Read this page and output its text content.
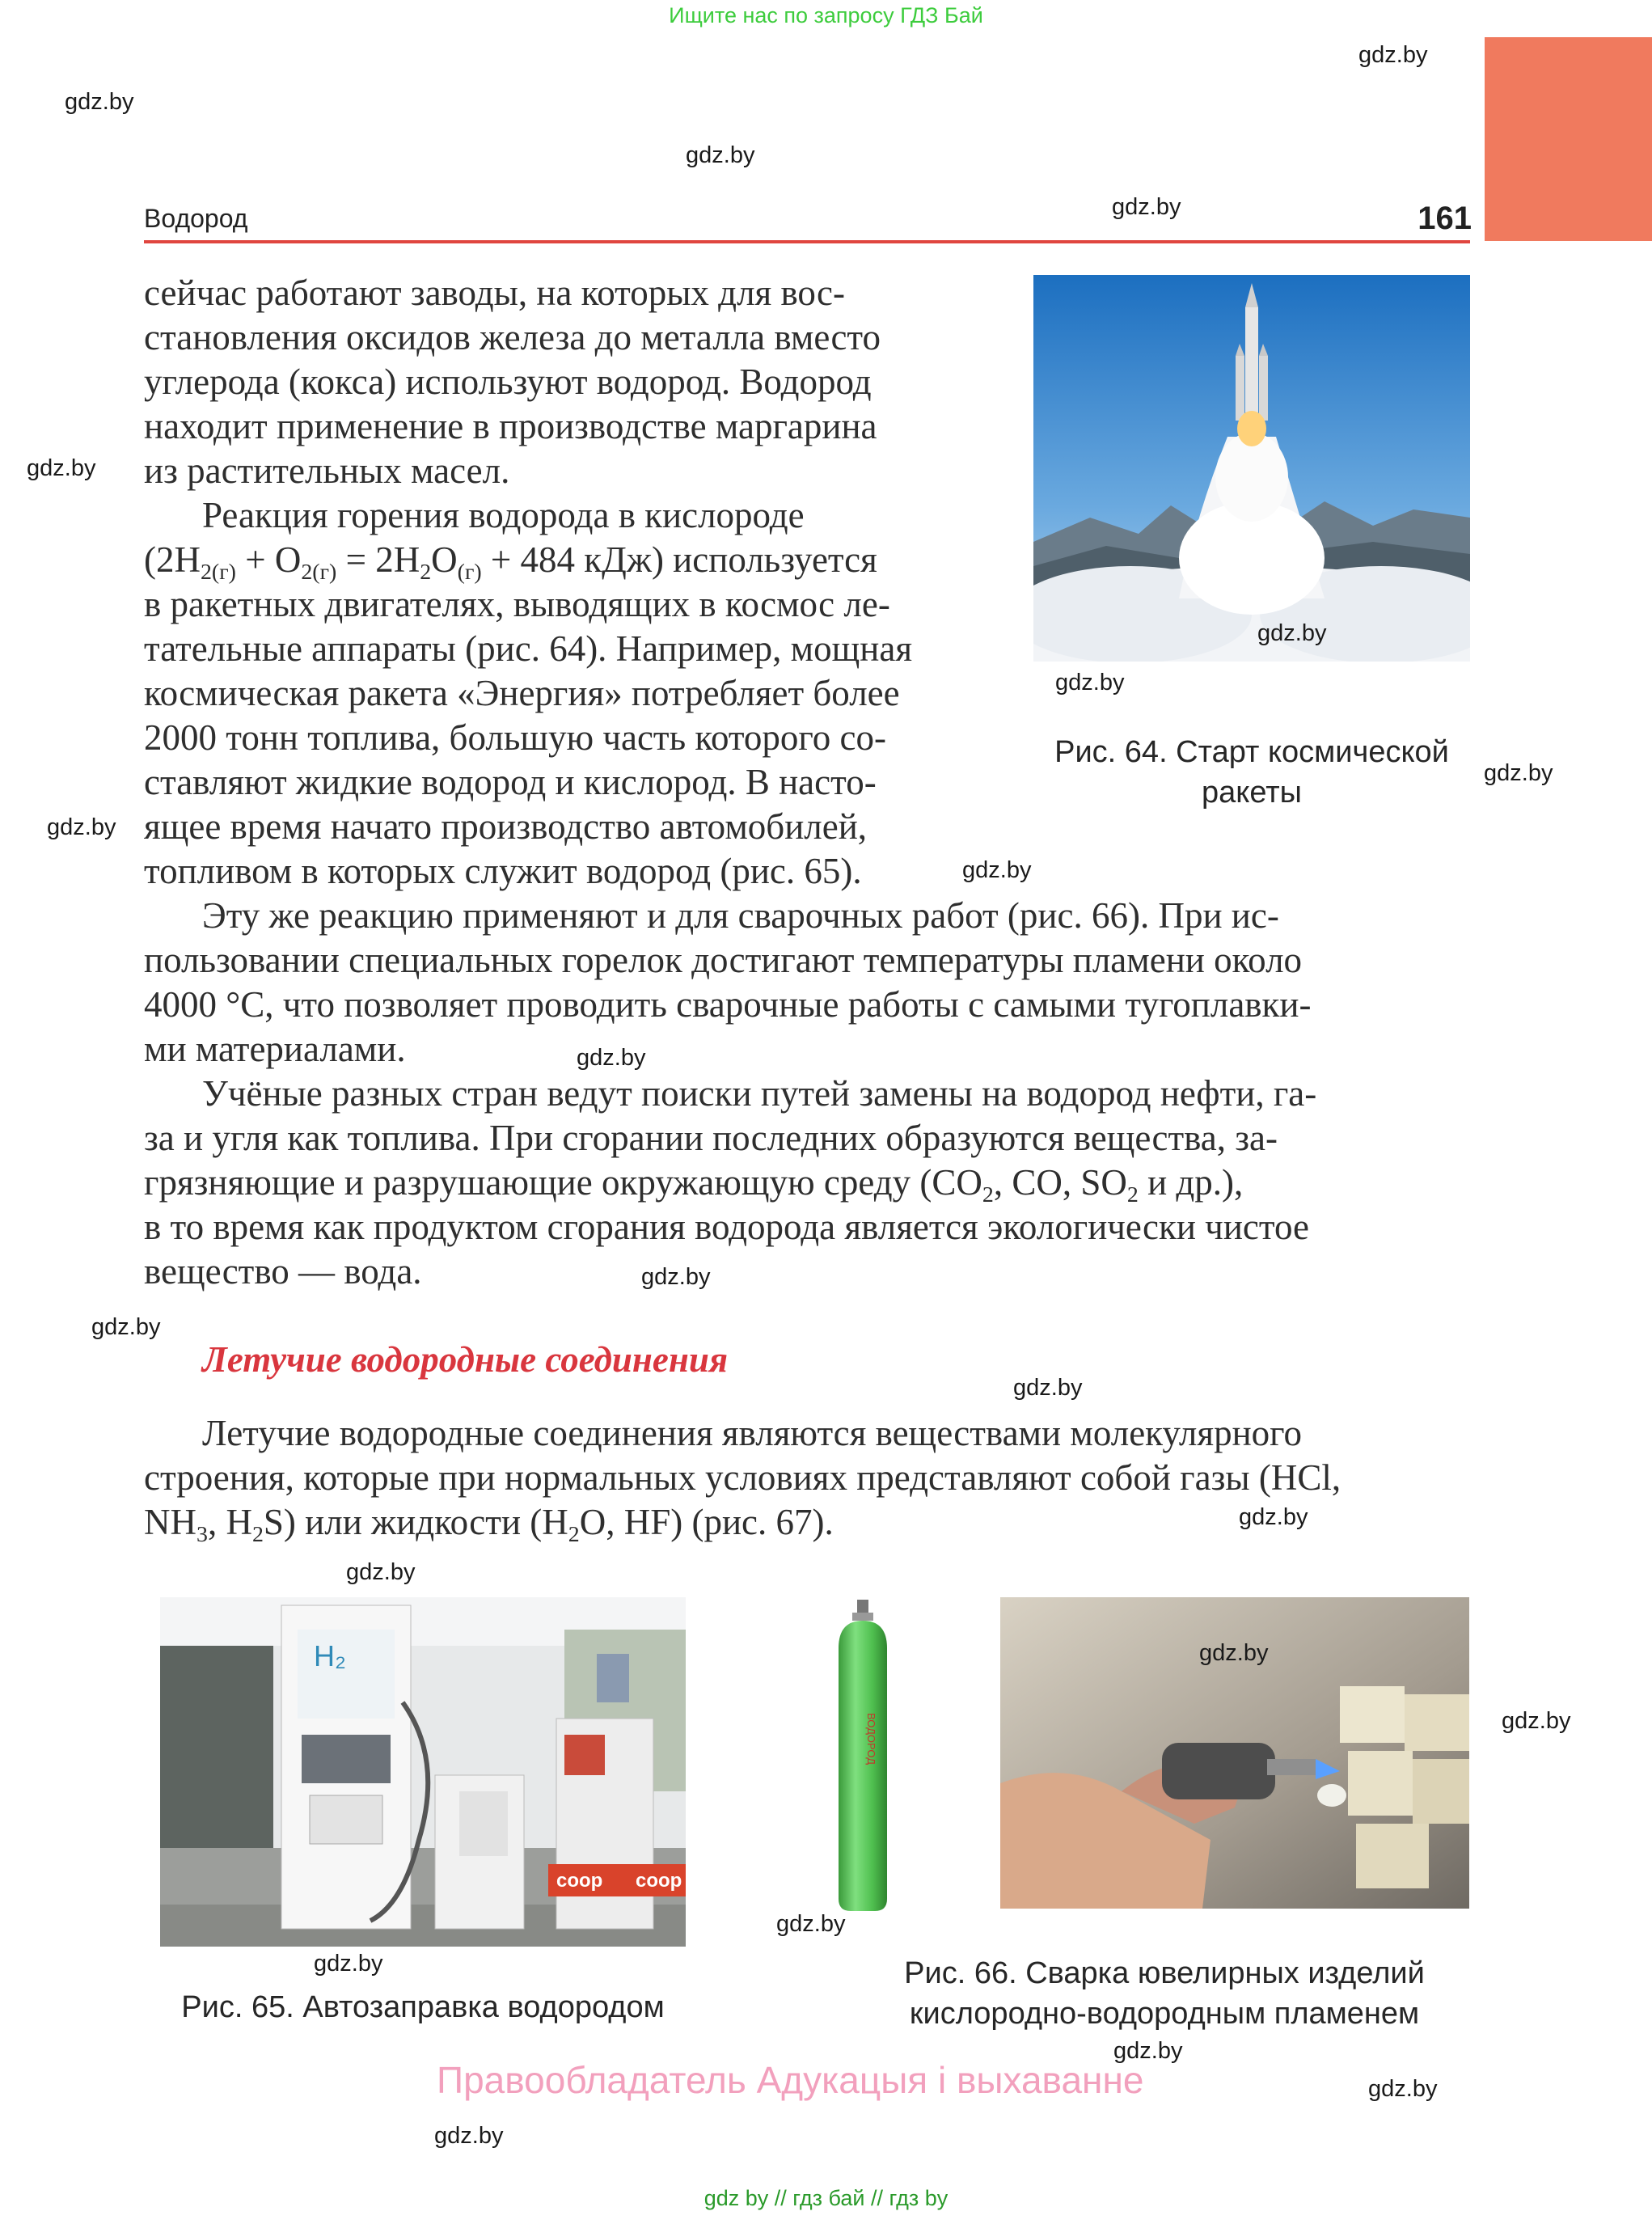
Ищите нас по запросу ГДЗ Бай
Водород	161

сейчас работают заводы, на которых для вос-

становления оксидов железа до металла вместо

углерода (кокса) используют водород. Водород

находит применение в производстве маргарина

из растительных масел.

Реакция горения водорода в кислороде

($2H_{2(г)} + O_{2(г)} = 2H_2O_{(г)} + 484$ кДж) используется

в ракетных двигателях, выводящих в космос ле-

тательные аппараты (рис. 64). Например, мощная

космическая ракета «Энергия» потребляет более

2000 тонн топлива, большую часть которого со-

ставляют жидкие водород и кислород. В насто-

ящее время начато производство автомобилей,

топливом в которых служит водород (рис. 65).

Эту же реакцию применяют и для сварочных работ (рис. 66). При ис-

пользовании специальных горелок достигают температуры пламени около

4000 °С, что позволяет проводить сварочные работы с самыми тугоплавки-

ми материалами.

Учёные разных стран ведут поиски путей замены на водород нефти, га-

за и угля как топлива. При сгорании последних образуются вещества, за-

грязняющие и разрушающие окружающую среду ($CO_2$, CO, $SO_2$ и др.),

в то время как продуктом сгорания водорода является экологически чистое

вещество — вода.

Летучие водородные соединения

Летучие водородные соединения являются веществами молекулярного

строения, которые при нормальных условиях представляют собой газы (HCl,

$NH_3$, $H_2S$) или жидкости ($H_2O$, HF) (рис. 67).

Рис. 64. Старт космической
ракеты
H₂
coop coop
Рис. 65. Автозаправка водородом
ВОДОРОД
Рис. 66. Сварка ювелирных изделий
кислородно-водородным пламенем
Правообладатель Адукацыя і выхаванне
gdz by // гдз бай // гдз by
gdz.by
gdz.by
gdz.by
gdz.by
gdz.by
gdz.by
gdz.by
gdz.by
gdz.by
gdz.by
gdz.by
gdz.by
gdz.by
gdz.by
gdz.by
gdz.by
gdz.by
gdz.by
gdz.by
gdz.by
gdz.by
gdz.by
gdz.by
